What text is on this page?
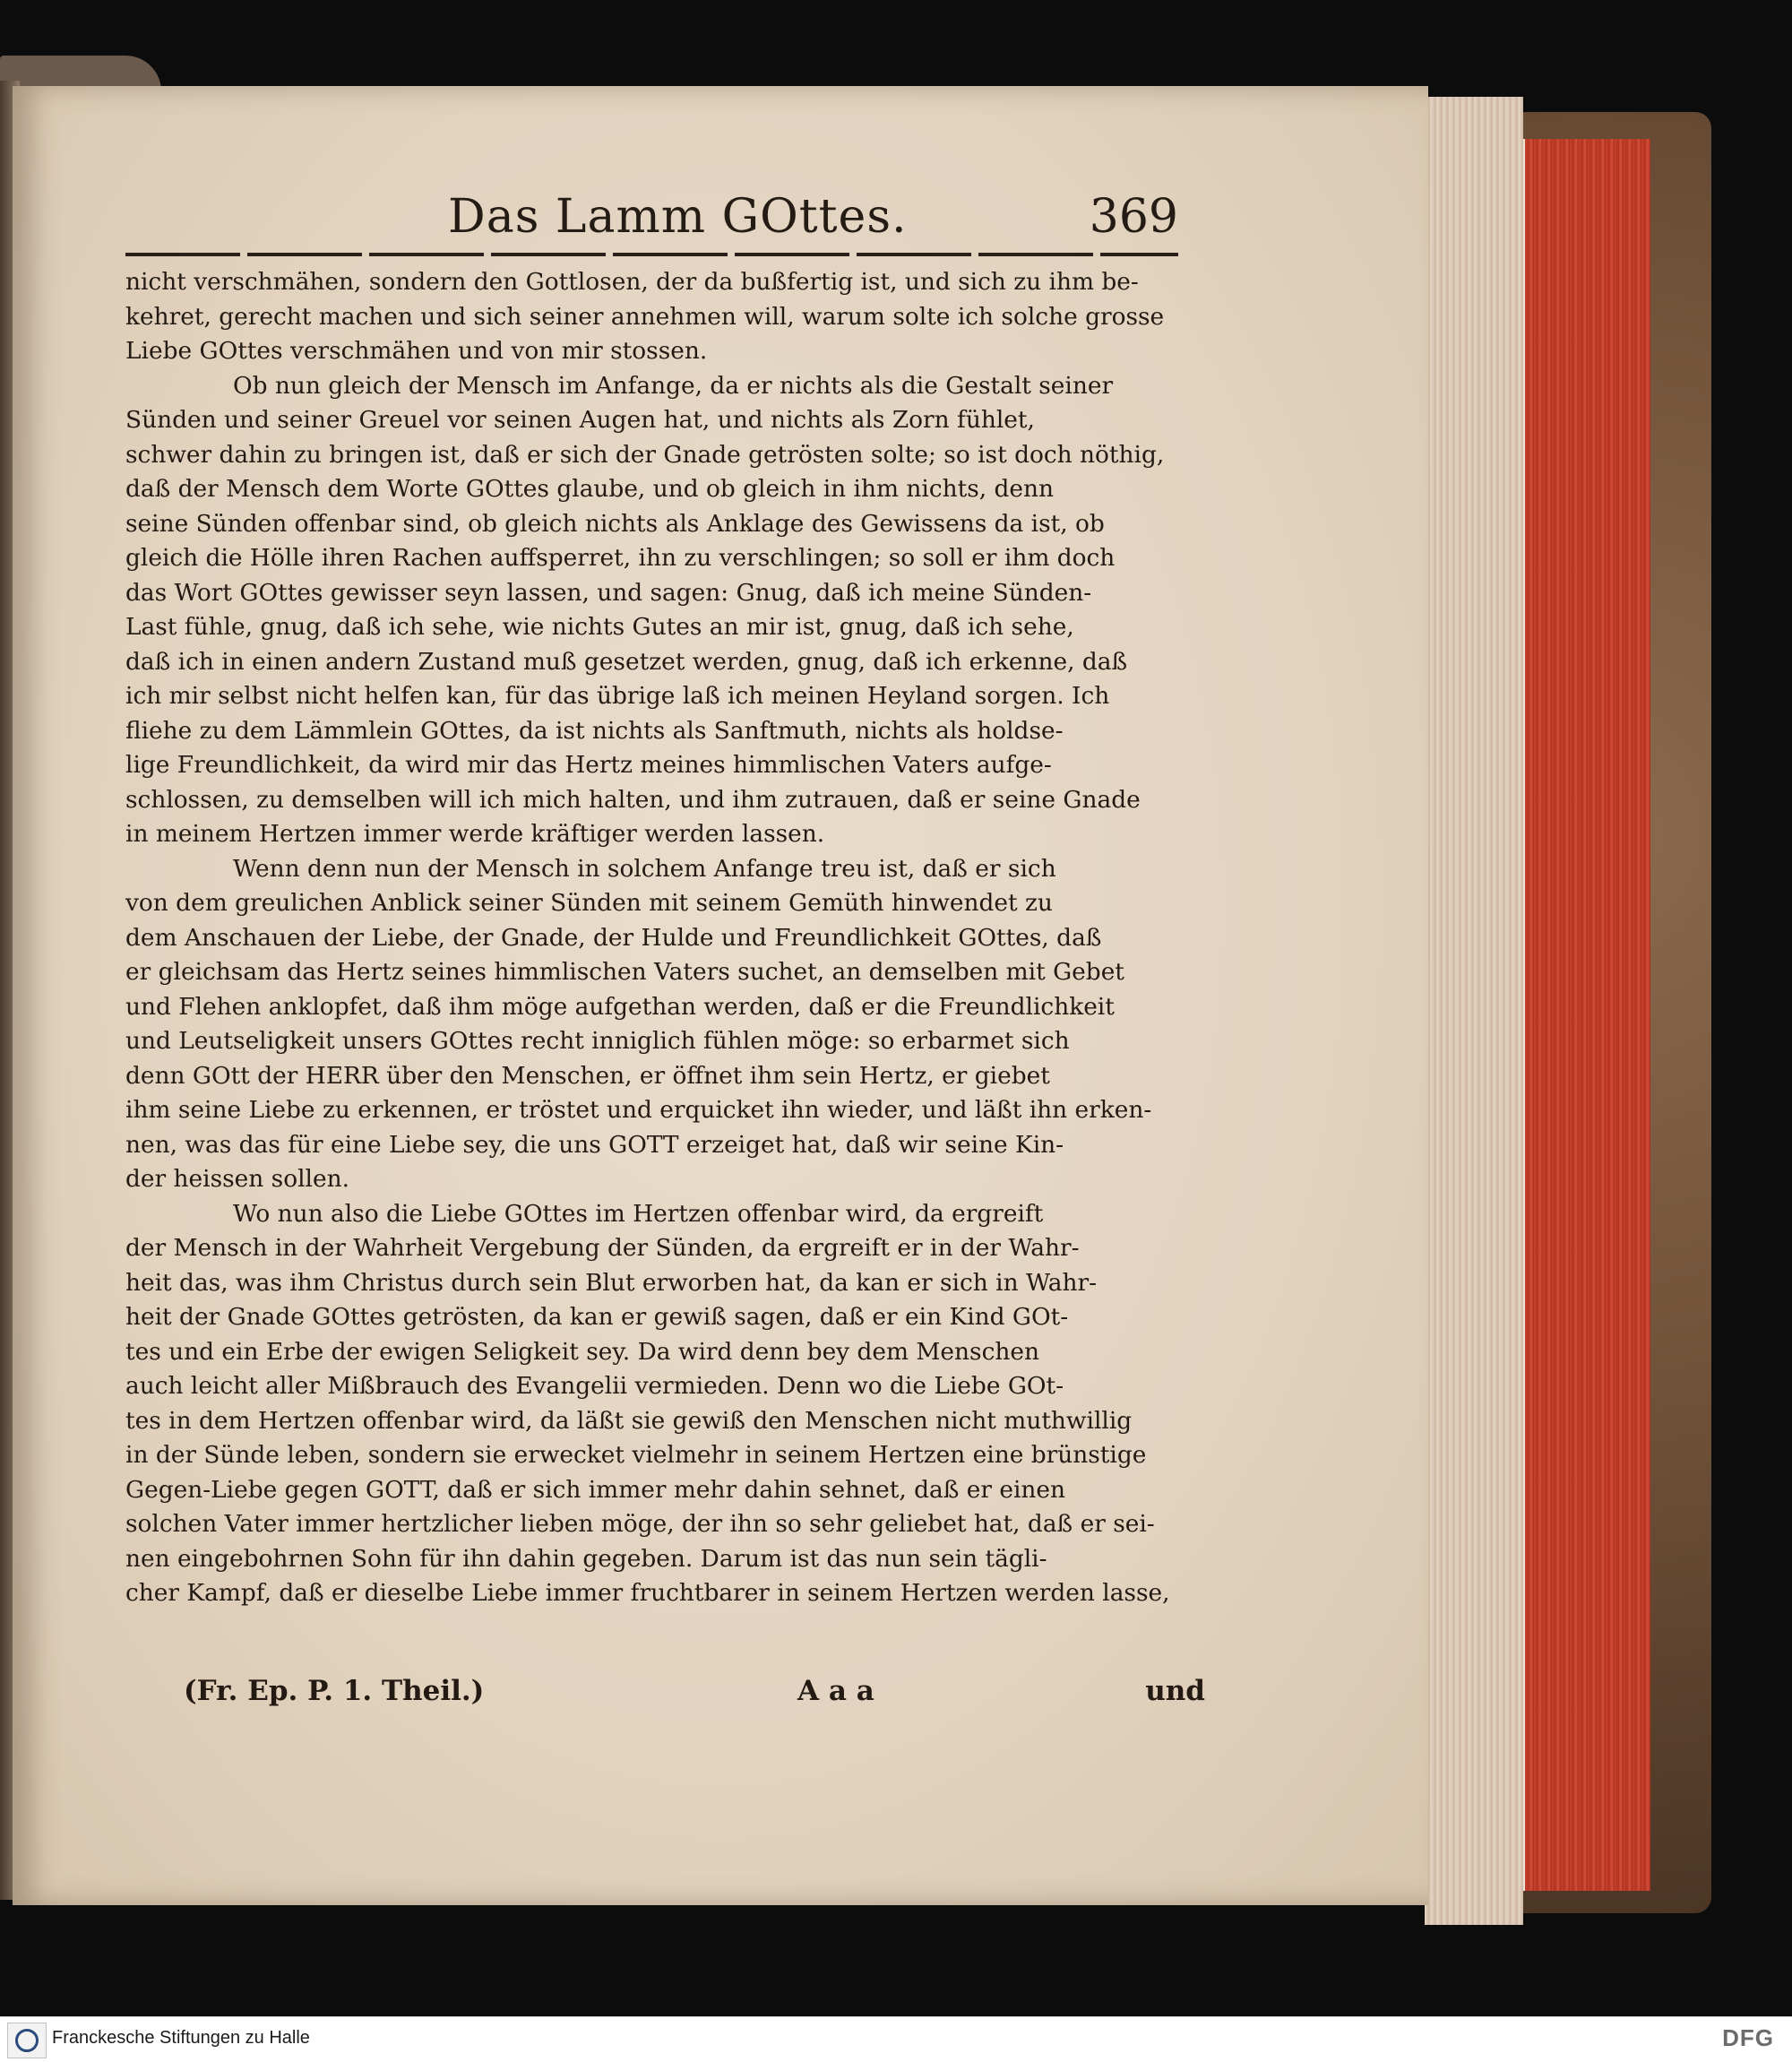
Das Lamm GOttes.	369

nicht verschmähen, sondern den Gottlosen, der da bußfertig ist, und sich zu ihm be-

kehret, gerecht machen und sich seiner annehmen will, warum solte ich solche grosse

Liebe GOttes verschmähen und von mir stossen.

Ob nun gleich der Mensch im Anfange, da er nichts als die Gestalt seiner

Sünden und seiner Greuel vor seinen Augen hat, und nichts als Zorn fühlet,

schwer dahin zu bringen ist, daß er sich der Gnade getrösten solte; so ist doch nöthig,

daß der Mensch dem Worte GOttes glaube, und ob gleich in ihm nichts, denn

seine Sünden offenbar sind, ob gleich nichts als Anklage des Gewissens da ist, ob

gleich die Hölle ihren Rachen auffsperret, ihn zu verschlingen; so soll er ihm doch

das Wort GOttes gewisser seyn lassen, und sagen: Gnug, daß ich meine Sünden-

Last fühle, gnug, daß ich sehe, wie nichts Gutes an mir ist, gnug, daß ich sehe,

daß ich in einen andern Zustand muß gesetzet werden, gnug, daß ich erkenne, daß

ich mir selbst nicht helfen kan, für das übrige laß ich meinen Heyland sorgen. Ich

fliehe zu dem Lämmlein GOttes, da ist nichts als Sanftmuth, nichts als holdse-

lige Freundlichkeit, da wird mir das Hertz meines himmlischen Vaters aufge-

schlossen, zu demselben will ich mich halten, und ihm zutrauen, daß er seine Gnade

in meinem Hertzen immer werde kräftiger werden lassen.

Wenn denn nun der Mensch in solchem Anfange treu ist, daß er sich

von dem greulichen Anblick seiner Sünden mit seinem Gemüth hinwendet zu

dem Anschauen der Liebe, der Gnade, der Hulde und Freundlichkeit GOttes, daß

er gleichsam das Hertz seines himmlischen Vaters suchet, an demselben mit Gebet

und Flehen anklopfet, daß ihm möge aufgethan werden, daß er die Freundlichkeit

und Leutseligkeit unsers GOttes recht inniglich fühlen möge: so erbarmet sich

denn GOtt der HERR über den Menschen, er öffnet ihm sein Hertz, er giebet

ihm seine Liebe zu erkennen, er tröstet und erquicket ihn wieder, und läßt ihn erken-

nen, was das für eine Liebe sey, die uns GOTT erzeiget hat, daß wir seine Kin-

der heissen sollen.

Wo nun also die Liebe GOttes im Hertzen offenbar wird, da ergreift

der Mensch in der Wahrheit Vergebung der Sünden, da ergreift er in der Wahr-

heit das, was ihm Christus durch sein Blut erworben hat, da kan er sich in Wahr-

heit der Gnade GOttes getrösten, da kan er gewiß sagen, daß er ein Kind GOt-

tes und ein Erbe der ewigen Seligkeit sey. Da wird denn bey dem Menschen

auch leicht aller Mißbrauch des Evangelii vermieden. Denn wo die Liebe GOt-

tes in dem Hertzen offenbar wird, da läßt sie gewiß den Menschen nicht muthwillig

in der Sünde leben, sondern sie erwecket vielmehr in seinem Hertzen eine brünstige

Gegen-Liebe gegen GOTT, daß er sich immer mehr dahin sehnet, daß er einen

solchen Vater immer hertzlicher lieben möge, der ihn so sehr geliebet hat, daß er sei-

nen eingebohrnen Sohn für ihn dahin gegeben. Darum ist das nun sein tägli-

cher Kampf, daß er dieselbe Liebe immer fruchtbarer in seinem Hertzen werden lasse,

(Fr. Ep. P. 1. Theil.)	A a a	und
Franckesche Stiftungen zu Halle	DFG
